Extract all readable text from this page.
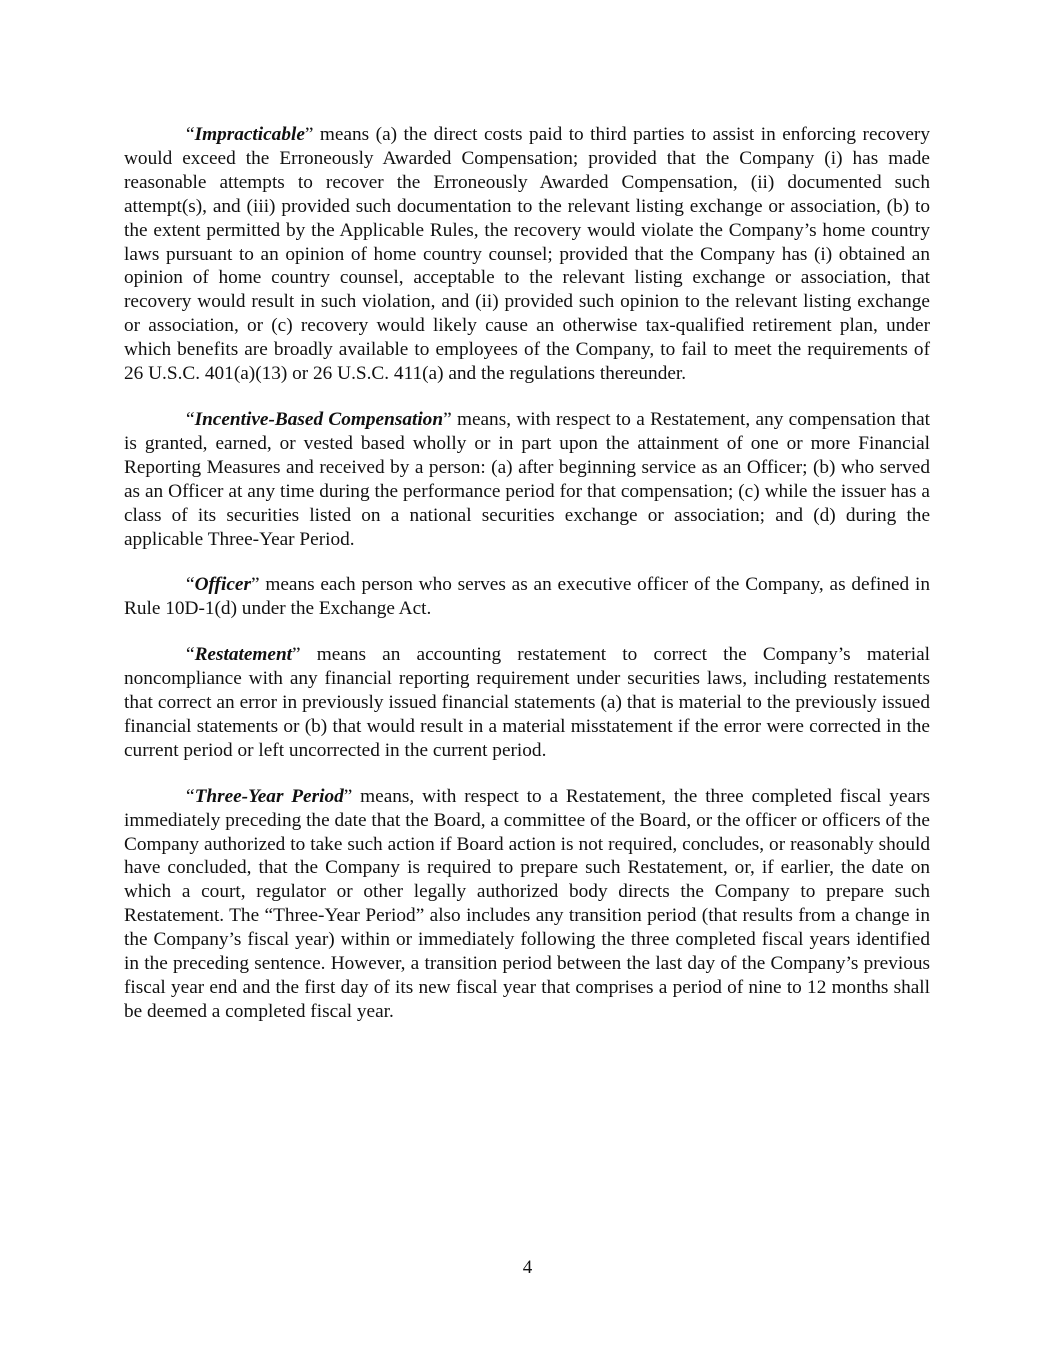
“Impracticable” means (a) the direct costs paid to third parties to assist in enforcing recovery would exceed the Erroneously Awarded Compensation; provided that the Company (i) has made reasonable attempts to recover the Erroneously Awarded Compensation, (ii) documented such attempt(s), and (iii) provided such documentation to the relevant listing exchange or association, (b) to the extent permitted by the Applicable Rules, the recovery would violate the Company’s home country laws pursuant to an opinion of home country counsel; provided that the Company has (i) obtained an opinion of home country counsel, acceptable to the relevant listing exchange or association, that recovery would result in such violation, and (ii) provided such opinion to the relevant listing exchange or association, or (c) recovery would likely cause an otherwise tax-qualified retirement plan, under which benefits are broadly available to employees of the Company, to fail to meet the requirements of 26 U.S.C. 401(a)(13) or 26 U.S.C. 411(a) and the regulations thereunder.

“Incentive-Based Compensation” means, with respect to a Restatement, any compensation that is granted, earned, or vested based wholly or in part upon the attainment of one or more Financial Reporting Measures and received by a person: (a) after beginning service as an Officer; (b) who served as an Officer at any time during the performance period for that compensation; (c) while the issuer has a class of its securities listed on a national securities exchange or association; and (d) during the applicable Three-Year Period.

“Officer” means each person who serves as an executive officer of the Company, as defined in Rule 10D-1(d) under the Exchange Act.

“Restatement” means an accounting restatement to correct the Company’s material noncompliance with any financial reporting requirement under securities laws, including restatements that correct an error in previously issued financial statements (a) that is material to the previously issued financial statements or (b) that would result in a material misstatement if the error were corrected in the current period or left uncorrected in the current period.

“Three-Year Period” means, with respect to a Restatement, the three completed fiscal years immediately preceding the date that the Board, a committee of the Board, or the officer or officers of the Company authorized to take such action if Board action is not required, concludes, or reasonably should have concluded, that the Company is required to prepare such Restatement, or, if earlier, the date on which a court, regulator or other legally authorized body directs the Company to prepare such Restatement. The “Three-Year Period” also includes any transition period (that results from a change in the Company’s fiscal year) within or immediately following the three completed fiscal years identified in the preceding sentence. However, a transition period between the last day of the Company’s previous fiscal year end and the first day of its new fiscal year that comprises a period of nine to 12 months shall be deemed a completed fiscal year.

4
